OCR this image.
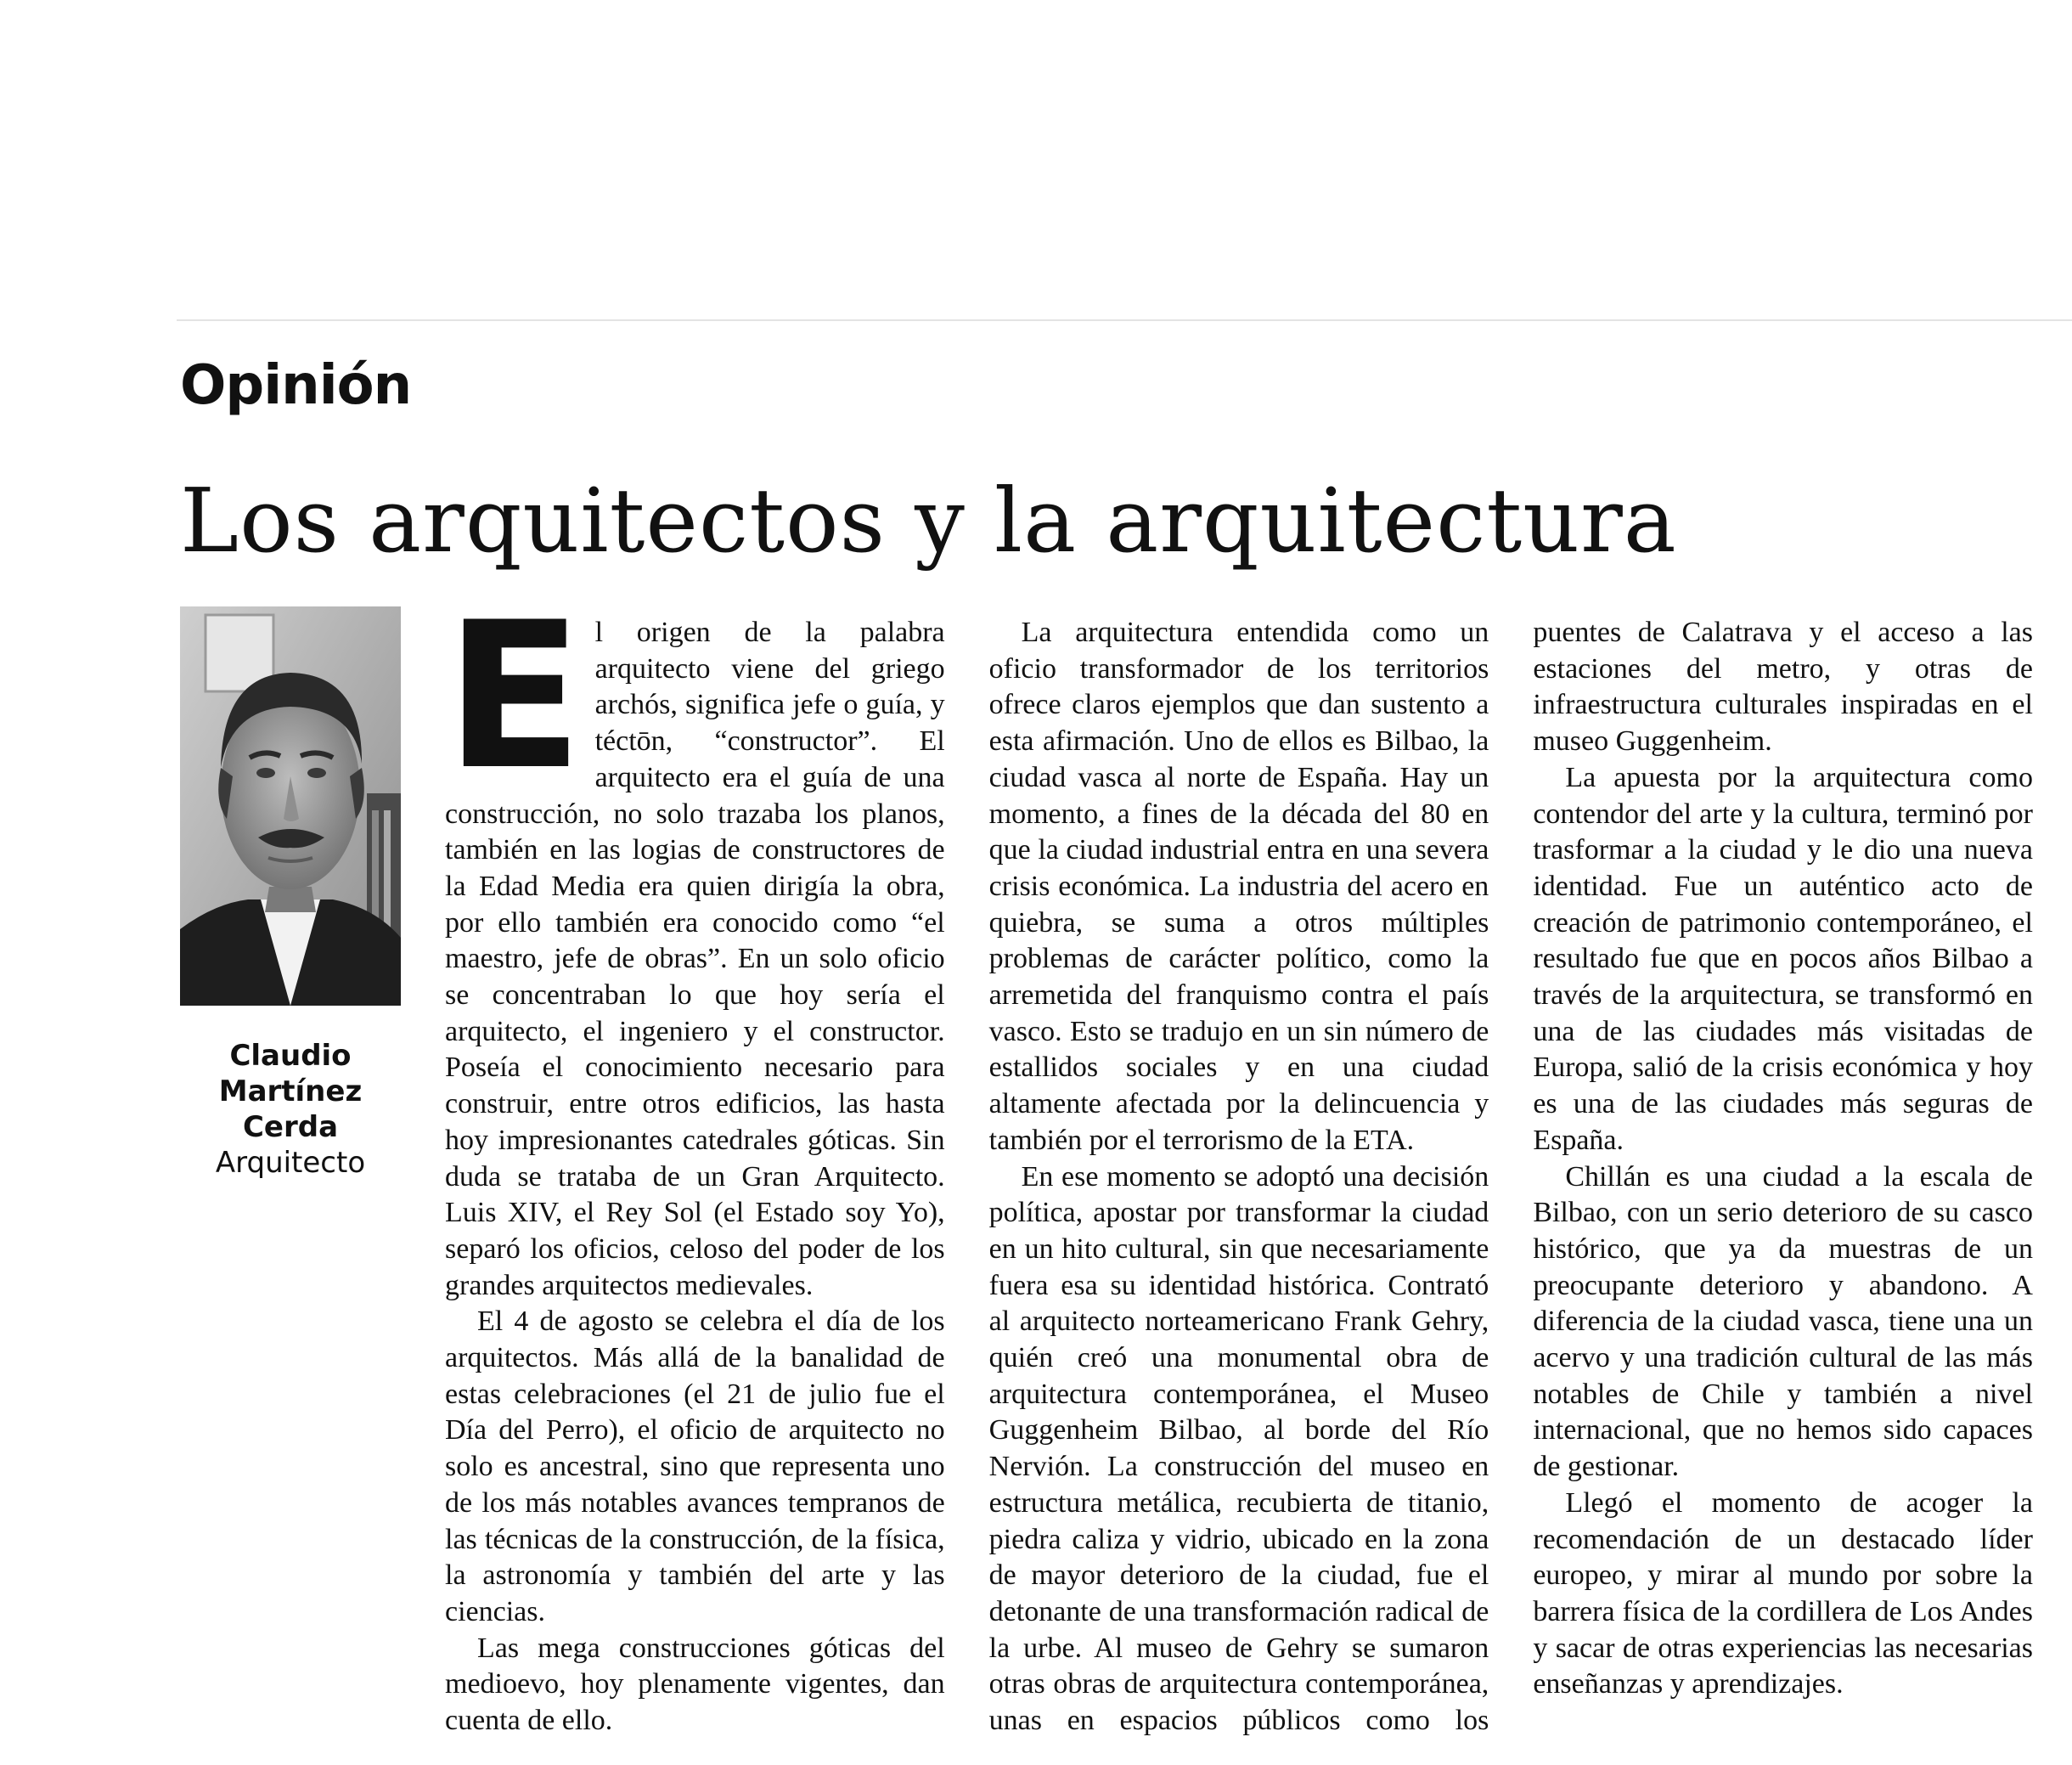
Opinión
Los arquitectos y la arquitectura

Claudio

Martínez

Cerda

Arquitecto

El origen de la palabra arquitecto viene del griego archós, significa jefe o guía, y téctōn, “constructor”. El arquitecto era el guía de una construcción, no solo trazaba los planos, también en las logias de constructores de la Edad Media era quien dirigía la obra, por ello también era conocido como “el maestro, jefe de obras”. En un solo oficio se concentraban lo que hoy sería el arquitecto, el ingeniero y el constructor. Poseía el conocimiento necesario para construir, entre otros edificios, las hasta hoy impresionantes catedrales góticas. Sin duda se trataba de un Gran Arquitecto. Luis XIV, el Rey Sol (el Estado soy Yo), separó los oficios, celoso del poder de los grandes arquitectos medievales.

El 4 de agosto se celebra el día de los arquitectos. Más allá de la banalidad de estas celebraciones (el 21 de julio fue el Día del Perro), el oficio de arquitecto no solo es ancestral, sino que representa uno de los más notables avances tempranos de las técnicas de la construcción, de la física, la astronomía y también del arte y las ciencias.

Las mega construcciones góticas del medioevo, hoy plenamente vigentes, dan cuenta de ello.

La arquitectura entendida como un oficio transformador de los territorios ofrece claros ejemplos que dan sustento a esta afirmación. Uno de ellos es Bilbao, la ciudad vasca al norte de España. Hay un momento, a fines de la década del 80 en que la ciudad industrial entra en una severa crisis económica. La industria del acero en quiebra, se suma a otros múltiples problemas de carácter político, como la arremetida del franquismo contra el país vasco. Esto se tradujo en un sin número de estallidos sociales y en una ciudad altamente afectada por la delincuencia y también por el terrorismo de la ETA.

En ese momento se adoptó una decisión política, apostar por transformar la ciudad en un hito cultural, sin que necesariamente fuera esa su identidad histórica. Contrató al arquitecto norteamericano Frank Gehry, quién creó una monumental obra de arquitectura contemporánea, el Museo Guggenheim Bilbao, al borde del Río Nervión. La construcción del museo en estructura metálica, recubierta de titanio, piedra caliza y vidrio, ubicado en la zona de mayor deterioro de la ciudad, fue el detonante de una transformación radical de la urbe. Al museo de Gehry se sumaron otras obras de arquitectura contemporánea, unas en espacios públicos como los puentes de Calatrava y el acceso a las estaciones del metro, y otras de infraestructura culturales inspiradas en el museo Guggenheim.

La apuesta por la arquitectura como contendor del arte y la cultura, terminó por trasformar a la ciudad y le dio una nueva identidad. Fue un auténtico acto de creación de patrimonio contemporáneo, el resultado fue que en pocos años Bilbao a través de la arquitectura, se transformó en una de las ciudades más visitadas de Europa, salió de la crisis económica y hoy es una de las ciudades más seguras de España.

Chillán es una ciudad a la escala de Bilbao, con un serio deterioro de su casco histórico, que ya da muestras de un preocupante deterioro y abandono. A diferencia de la ciudad vasca, tiene una un acervo y una tradición cultural de las más notables de Chile y también a nivel internacional, que no hemos sido capaces de gestionar.

Llegó el momento de acoger la recomendación de un destacado líder europeo, y mirar al mundo por sobre la barrera física de la cordillera de Los Andes y sacar de otras experiencias las necesarias enseñanzas y aprendizajes.
